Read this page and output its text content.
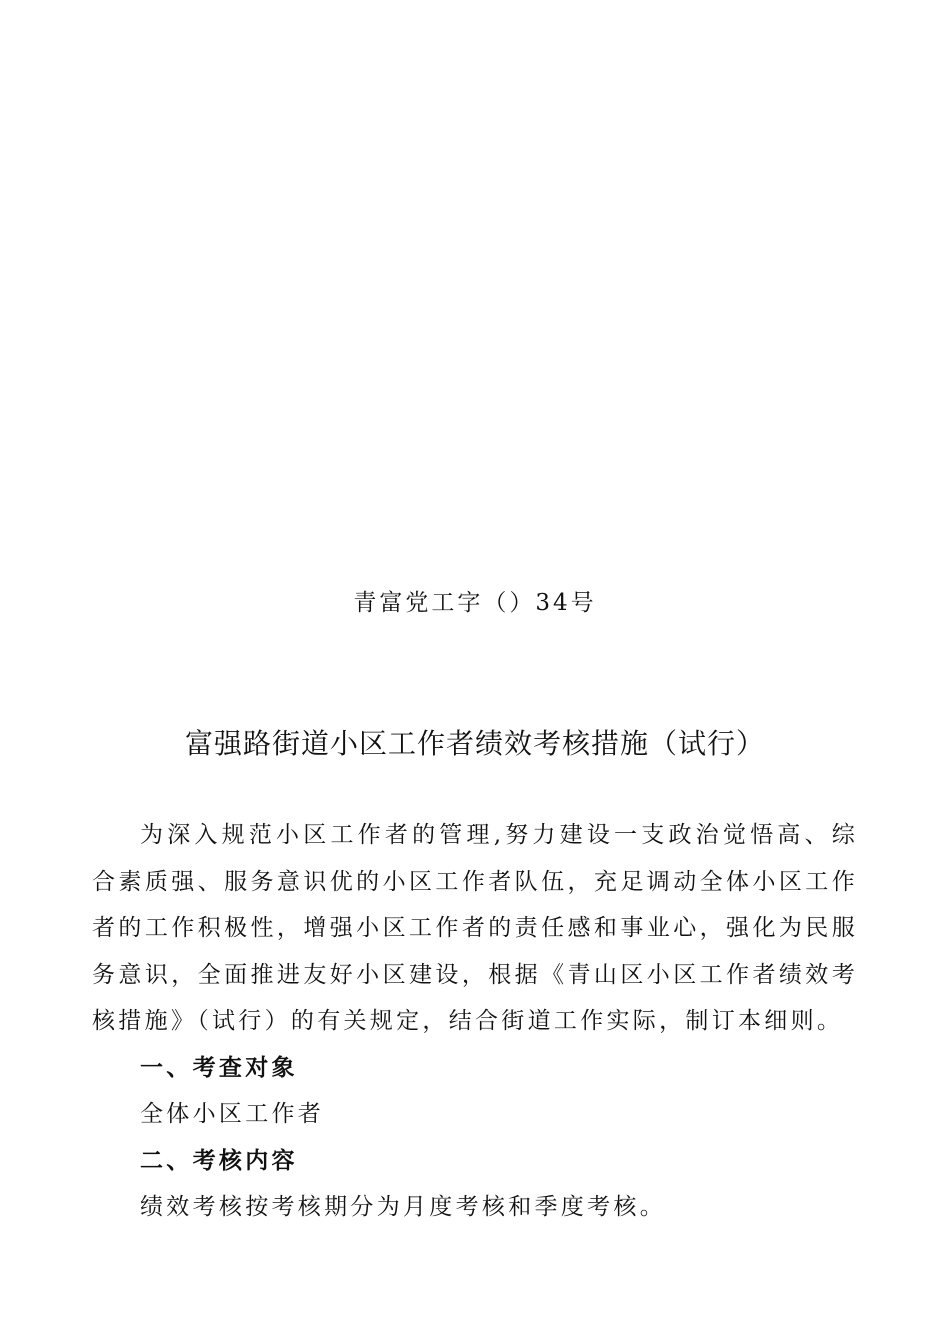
青富党工字（）34号
富强路街道小区工作者绩效考核措施（试行）

为深入规范小区工作者的管理,努力建设一支政治觉悟高、综合素质强、服务意识优的小区工作者队伍，充足调动全体小区工作者的工作积极性，增强小区工作者的责任感和事业心，强化为民服务意识，全面推进友好小区建设，根据《青山区小区工作者绩效考核措施》（试行）的有关规定，结合街道工作实际，制订本细则。

一、考查对象

全体小区工作者

二、考核内容

绩效考核按考核期分为月度考核和季度考核。
